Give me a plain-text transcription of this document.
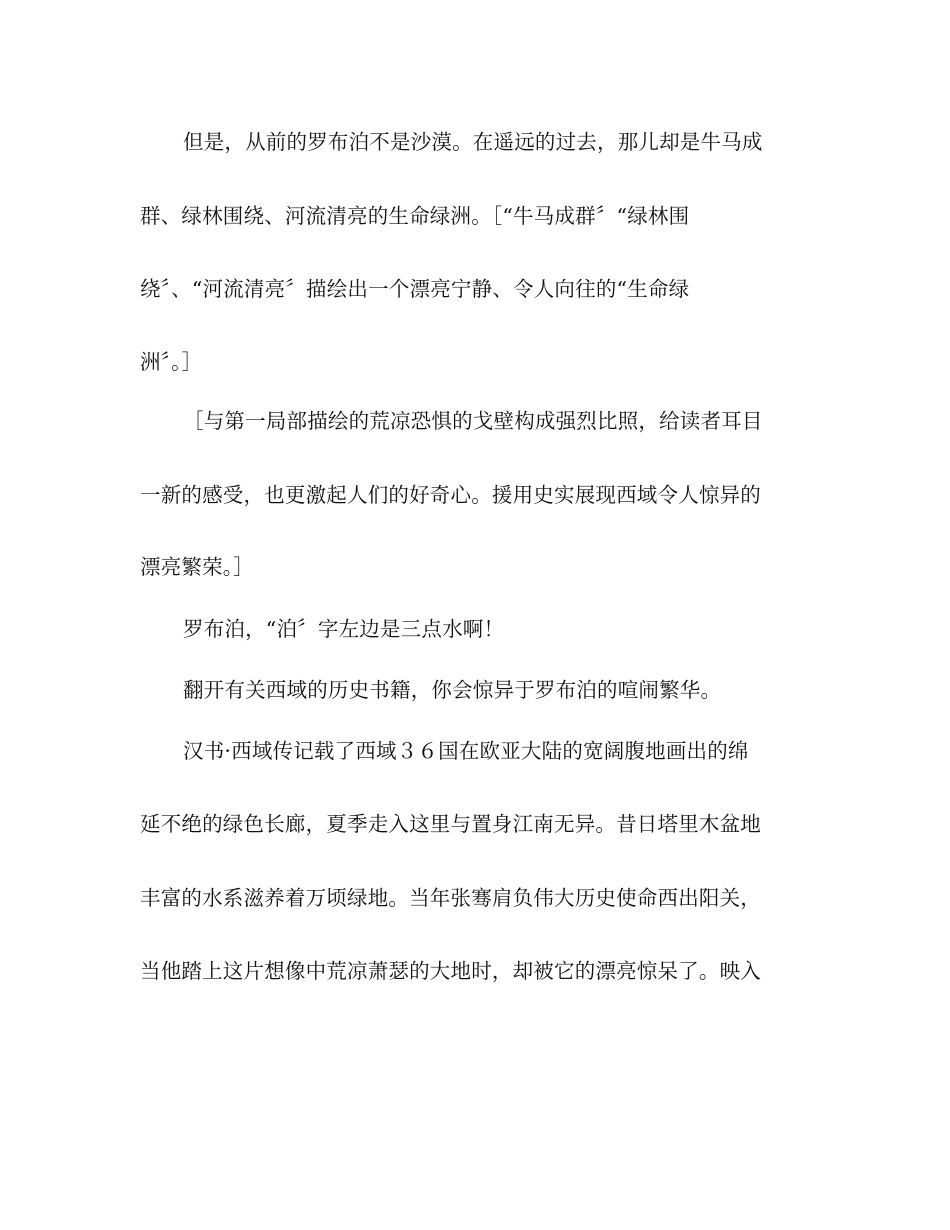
但是，从前的罗布泊不是沙漠。在遥远的过去，那儿却是牛马成
群、绿林围绕、河流清亮的生命绿洲。［“牛马成群〞“绿林围
绕〞、“河流清亮〞描绘出一个漂亮宁静、令人向往的“生命绿
洲〞。］
［与第一局部描绘的荒凉恐惧的戈壁构成强烈比照，给读者耳目
一新的感受，也更激起人们的好奇心。援用史实展现西域令人惊异的
漂亮繁荣。］
罗布泊，“泊〞字左边是三点水啊！
翻开有关西域的历史书籍，你会惊异于罗布泊的喧闹繁华。
汉书·西域传记载了西域３６国在欧亚大陆的宽阔腹地画出的绵
延不绝的绿色长廊，夏季走入这里与置身江南无异。昔日塔里木盆地
丰富的水系滋养着万顷绿地。当年张骞肩负伟大历史使命西出阳关，
当他踏上这片想像中荒凉萧瑟的大地时，却被它的漂亮惊呆了。映入
